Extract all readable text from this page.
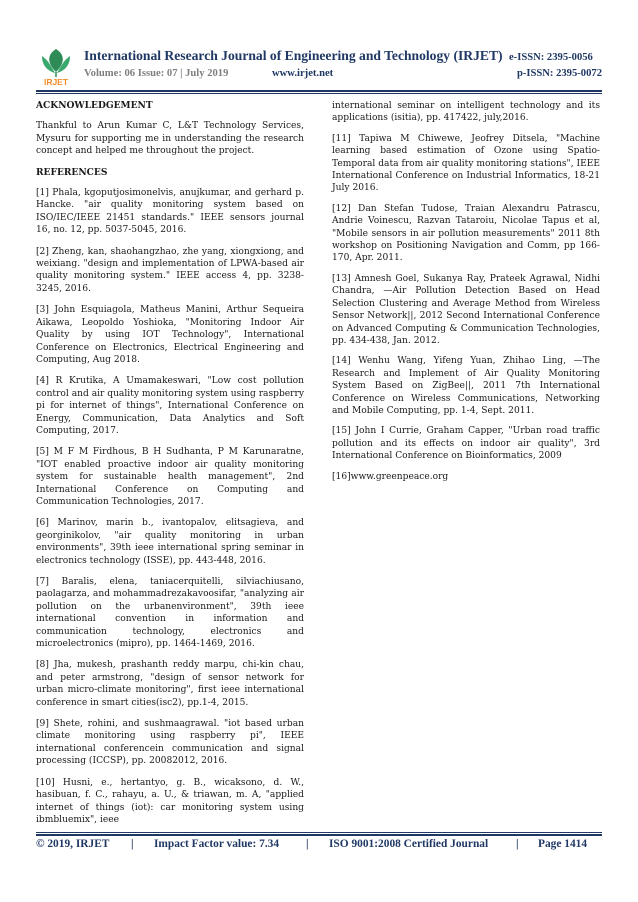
IRJET
International Research Journal of Engineering and Technology (IRJET) e-ISSN: 2395-0056
Volume: 06 Issue: 07 | July 2019	www.irjet.net	p-ISSN: 2395-0072
ACKNOWLEDGEMENT

Thankful to Arun Kumar C, L&T Technology Services, Mysuru for supporting me in understanding the research concept and helped me throughout the project.

REFERENCES

[1] Phala, kgoputjosimonelvis, anujkumar, and gerhard p. Hancke. "air quality monitoring system based on ISO/IEC/IEEE 21451 standards." IEEE sensors journal 16, no. 12, pp. 5037-5045, 2016.

[2] Zheng, kan, shaohangzhao, zhe yang, xiongxiong, and weixiang. "design and implementation of LPWA-based air quality monitoring system." IEEE access 4, pp. 3238-3245, 2016.

[3] John Esquiagola, Matheus Manini, Arthur Sequeira Aikawa, Leopoldo Yoshioka, "Monitoring Indoor Air Quality by using IOT Technology", International Conference on Electronics, Electrical Engineering and Computing, Aug 2018.

[4] R Krutika, A Umamakeswari, "Low cost pollution control and air quality monitoring system using raspberry pi for internet of things", International Conference on Energy, Communication, Data Analytics and Soft Computing, 2017.

[5] M F M Firdhous, B H Sudhanta, P M Karunaratne, "IOT enabled proactive indoor air quality monitoring system for sustainable health management", 2nd International Conference on Computing and Communication Technologies, 2017.

[6] Marinov, marin b., ivantopalov, elitsagieva, and georginikolov, "air quality monitoring in urban environments", 39th ieee international spring seminar in electronics technology (ISSE), pp. 443-448, 2016.

[7] Baralis, elena, taniacerquitelli, silviachiusano, paolagarza, and mohammadrezakavoosifar, "analyzing air pollution on the urbanenvironment", 39th ieee international convention in information and communication technology, electronics and microelectronics (mipro), pp. 1464-1469, 2016.

[8] Jha, mukesh, prashanth reddy marpu, chi-kin chau, and peter armstrong, "design of sensor network for urban micro-climate monitoring", first ieee international conference in smart cities(isc2), pp.1-4, 2015.

[9] Shete, rohini, and sushmaagrawal. "iot based urban climate monitoring using raspberry pi", IEEE international conferencein communication and signal processing (ICCSP), pp. 20082012, 2016.

[10] Husni, e., hertantyo, g. B., wicaksono, d. W., hasibuan, f. C., rahayu, a. U., & triawan, m. A, "applied internet of things (iot): car monitoring system using ibmbluemix", ieee

international seminar on intelligent technology and its applications (isitia), pp. 417422, july,2016.

[11] Tapiwa M Chiwewe, Jeofrey Ditsela, "Machine learning based estimation of Ozone using Spatio-Temporal data from air quality monitoring stations", IEEE International Conference on Industrial Informatics, 18-21 July 2016.

[12] Dan Stefan Tudose, Traian Alexandru Patrascu, Andrie Voinescu, Razvan Tataroiu, Nicolae Tapus et al, "Mobile sensors in air pollution measurements" 2011 8th workshop on Positioning Navigation and Comm, pp 166-170, Apr. 2011.

[13] Amnesh Goel, Sukanya Ray, Prateek Agrawal, Nidhi Chandra, —Air Pollution Detection Based on Head Selection Clustering and Average Method from Wireless Sensor Network||, 2012 Second International Conference on Advanced Computing & Communication Technologies, pp. 434-438, Jan. 2012.

[14] Wenhu Wang, Yifeng Yuan, Zhihao Ling, —The Research and Implement of Air Quality Monitoring System Based on ZigBee||, 2011 7th International Conference on Wireless Communications, Networking and Mobile Computing, pp. 1-4, Sept. 2011.

[15] John I Currie, Graham Capper, "Urban road traffic pollution and its effects on indoor air quality", 3rd International Conference on Bioinformatics, 2009

[16]www.greenpeace.org

© 2019, IRJET | Impact Factor value: 7.34 | ISO 9001:2008 Certified Journal | Page 1414
